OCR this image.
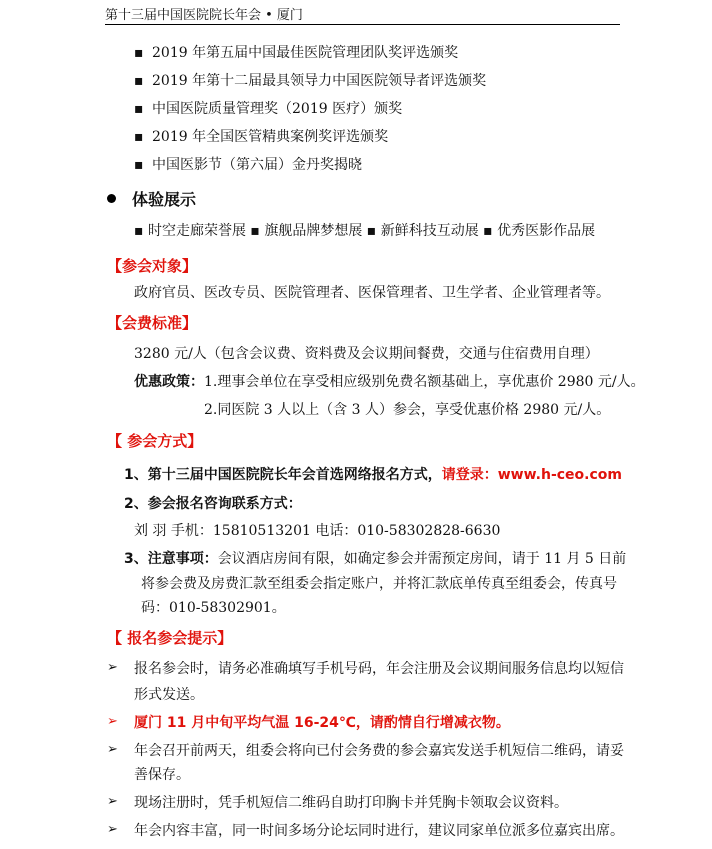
第十三届中国医院院长年会 • 厦门
▪ 2019 年第五届中国最佳医院管理团队奖评选颁奖
▪ 2019 年第十二届最具领导力中国医院领导者评选颁奖
▪ 中国医院质量管理奖（2019 医疗）颁奖
▪ 2019 年全国医管精典案例奖评选颁奖
▪ 中国医影节（第六届）金丹奖揭晓
体验展示
▪ 时空走廊荣誉展 ▪ 旗舰品牌梦想展 ▪ 新鲜科技互动展 ▪ 优秀医影作品展
【参会对象】
政府官员、医改专员、医院管理者、医保管理者、卫生学者、企业管理者等。
【会费标准】
3280 元/人（包含会议费、资料费及会议期间餐费，交通与住宿费用自理）
优惠政策：1.理事会单位在享受相应级别免费名额基础上，享优惠价 2980 元/人。
2.同医院 3 人以上（含 3 人）参会，享受优惠价格 2980 元/人。
【 参会方式】
1、第十三届中国医院院长年会首选网络报名方式，请登录：www.h-ceo.com
2、参会报名咨询联系方式：
刘 羽 手机：15810513201 电话：010-58302828-6630
3、注意事项：会议酒店房间有限，如确定参会并需预定房间，请于 11 月 5 日前
将参会费及房费汇款至组委会指定账户，并将汇款底单传真至组委会，传真号
码：010-58302901。
【 报名参会提示】
➢ 报名参会时，请务必准确填写手机号码，年会注册及会议期间服务信息均以短信
形式发送。
➢ 厦门 11 月中旬平均气温 16-24℃，请酌情自行增减衣物。
➢ 年会召开前两天，组委会将向已付会务费的参会嘉宾发送手机短信二维码，请妥
善保存。
➢ 现场注册时，凭手机短信二维码自助打印胸卡并凭胸卡领取会议资料。
➢ 年会内容丰富，同一时间多场分论坛同时进行，建议同家单位派多位嘉宾出席。
